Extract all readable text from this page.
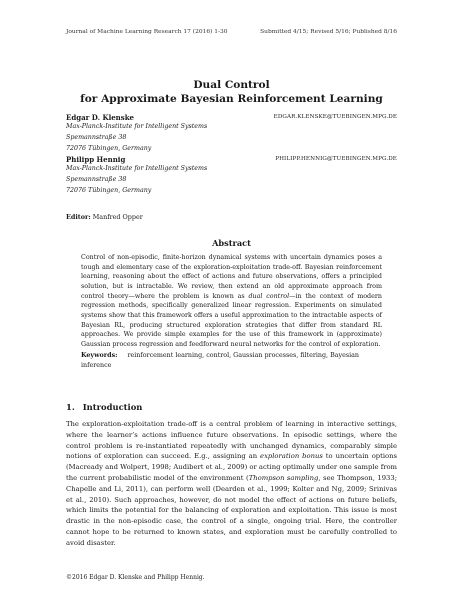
Journal of Machine Learning Research 17 (2016) 1-30	Submitted 4/15; Revised 5/16; Published 8/16
Dual Control
for Approximate Bayesian Reinforcement Learning
Edgar D. Klenske	EDGAR.KLENSKE@TUEBINGEN.MPG.DE
Max-Planck-Institute for Intelligent Systems
Spemannstraße 38
72076 Tübingen, Germany
Philipp Hennig	PHILIPP.HENNIG@TUEBINGEN.MPG.DE
Max-Planck-Institute for Intelligent Systems
Spemannstraße 38
72076 Tübingen, Germany
Editor: Manfred Opper
Abstract
Control of non-episodic, finite-horizon dynamical systems with uncertain dynamics poses a tough and elementary case of the exploration-exploitation trade-off. Bayesian reinforcement learning, reasoning about the effect of actions and future observations, offers a principled solution, but is intractable. We review, then extend an old approximate approach from control theory—where the problem is known as dual control—in the context of modern regression methods, specifically generalized linear regression. Experiments on simulated systems show that this framework offers a useful approximation to the intractable aspects of Bayesian RL, producing structured exploration strategies that differ from standard RL approaches. We provide simple examples for the use of this framework in (approximate) Gaussian process regression and feedforward neural networks for the control of exploration.
Keywords: reinforcement learning, control, Gaussian processes, filtering, Bayesian inference
1. Introduction
The exploration-exploitation trade-off is a central problem of learning in interactive settings, where the learner’s actions influence future observations. In episodic settings, where the control problem is re-instantiated repeatedly with unchanged dynamics, comparably simple notions of exploration can succeed. E.g., assigning an exploration bonus to uncertain options (Macready and Wolpert, 1998; Audibert et al., 2009) or acting optimally under one sample from the current probabilistic model of the environment (Thompson sampling, see Thompson, 1933; Chapelle and Li, 2011), can perform well (Dearden et al., 1999; Kolter and Ng, 2009; Srinivas et al., 2010). Such approaches, however, do not model the effect of actions on future beliefs, which limits the potential for the balancing of exploration and exploitation. This issue is most drastic in the non-episodic case, the control of a single, ongoing trial. Here, the controller cannot hope to be returned to known states, and exploration must be carefully controlled to avoid disaster.
©2016 Edgar D. Klenske and Philipp Hennig.
